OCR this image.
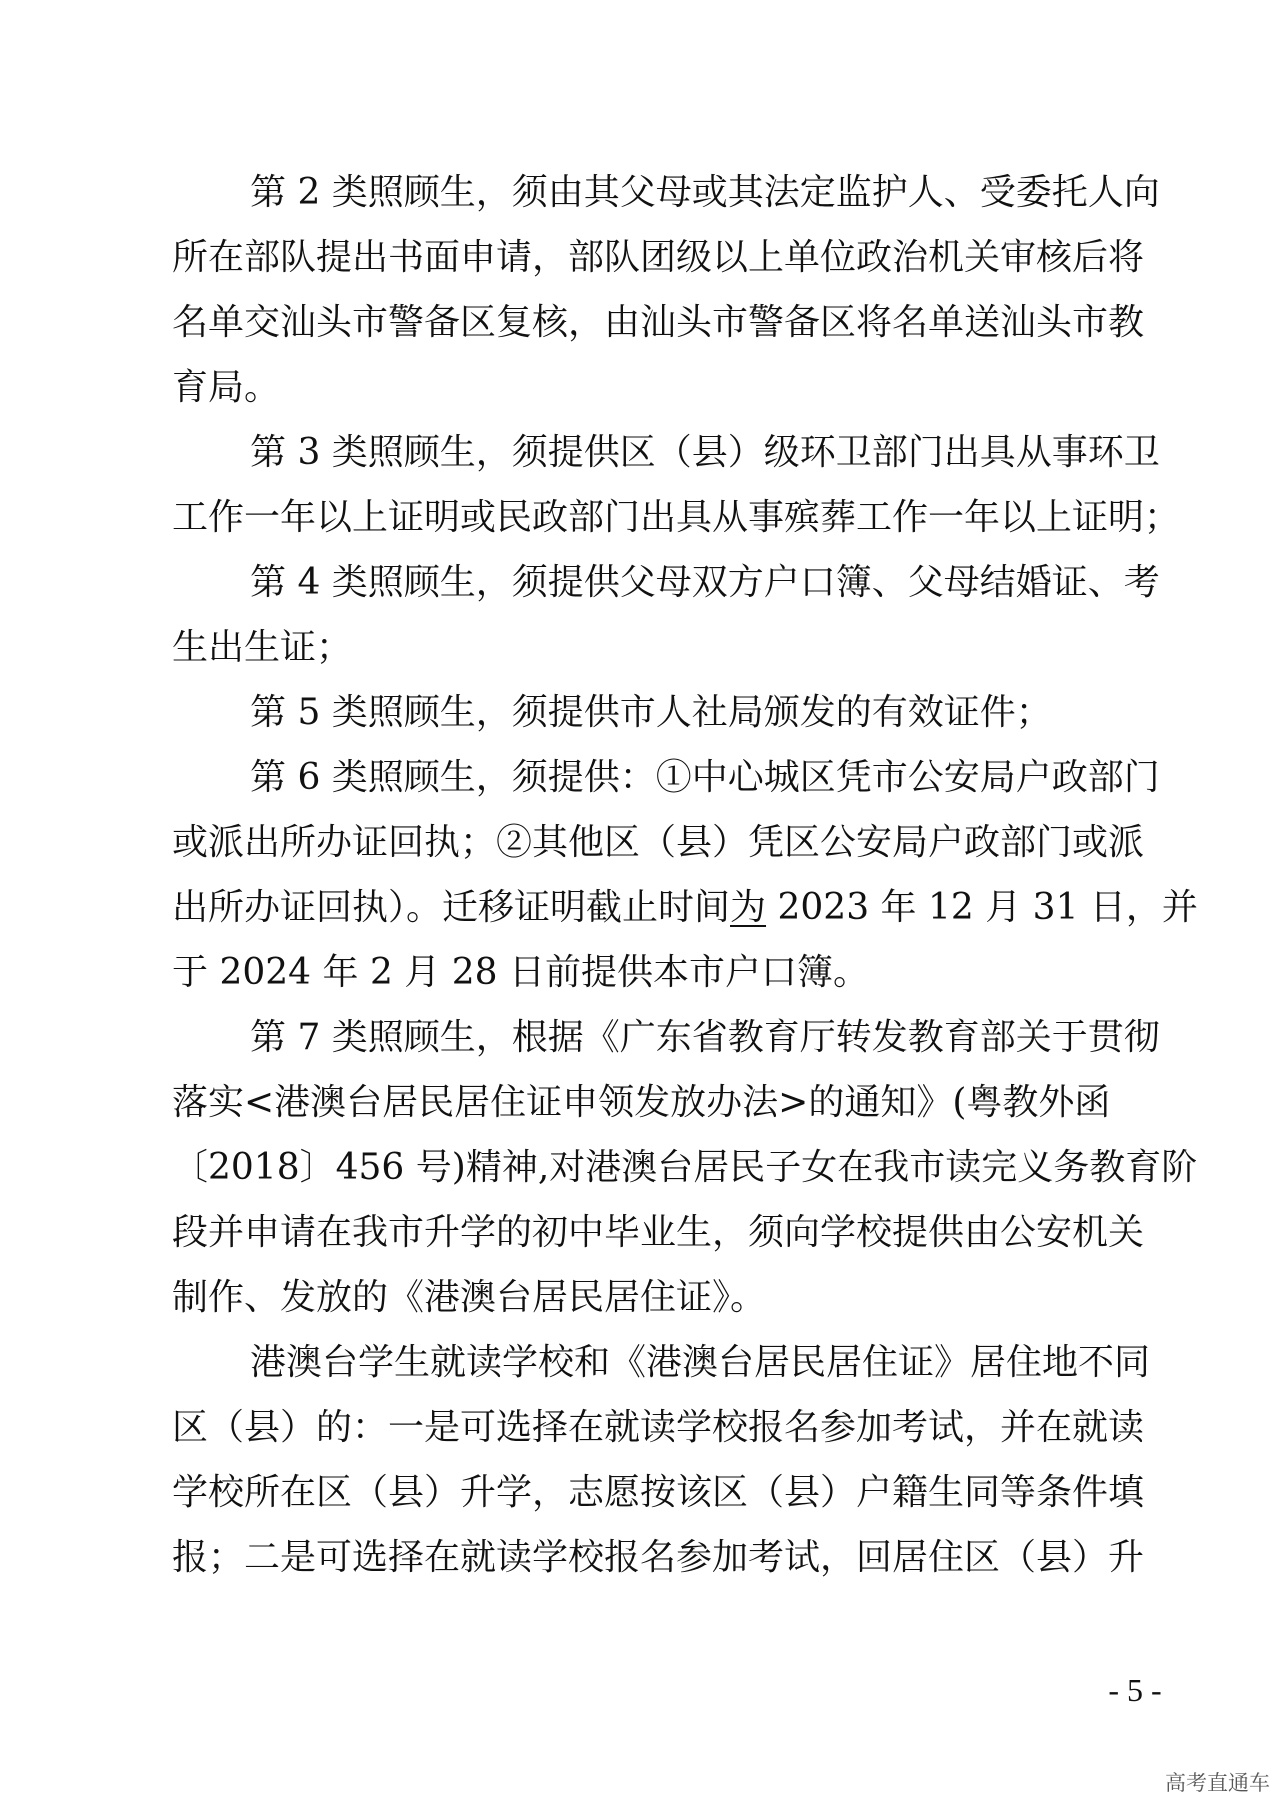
第 2 类照顾生，须由其父母或其法定监护人、受委托人向
所在部队提出书面申请，部队团级以上单位政治机关审核后将
名单交汕头市警备区复核，由汕头市警备区将名单送汕头市教
育局。
第 3 类照顾生，须提供区（县）级环卫部门出具从事环卫
工作一年以上证明或民政部门出具从事殡葬工作一年以上证明；
第 4 类照顾生，须提供父母双方户口簿、父母结婚证、考
生出生证；
第 5 类照顾生，须提供市人社局颁发的有效证件；
第 6 类照顾生，须提供：①中心城区凭市公安局户政部门
或派出所办证回执；②其他区（县）凭区公安局户政部门或派
出所办证回执）。迁移证明截止时间为 2023 年 12 月 31 日，并
于 2024 年 2 月 28 日前提供本市户口簿。
第 7 类照顾生，根据《广东省教育厅转发教育部关于贯彻
落实<港澳台居民居住证申领发放办法>的通知》(粤教外函
〔2018〕456 号)精神,对港澳台居民子女在我市读完义务教育阶
段并申请在我市升学的初中毕业生，须向学校提供由公安机关
制作、发放的《港澳台居民居住证》。
港澳台学生就读学校和《港澳台居民居住证》居住地不同
区（县）的：一是可选择在就读学校报名参加考试，并在就读
学校所在区（县）升学，志愿按该区（县）户籍生同等条件填
报；二是可选择在就读学校报名参加考试，回居住区（县）升
- 5 -
高考直通车
